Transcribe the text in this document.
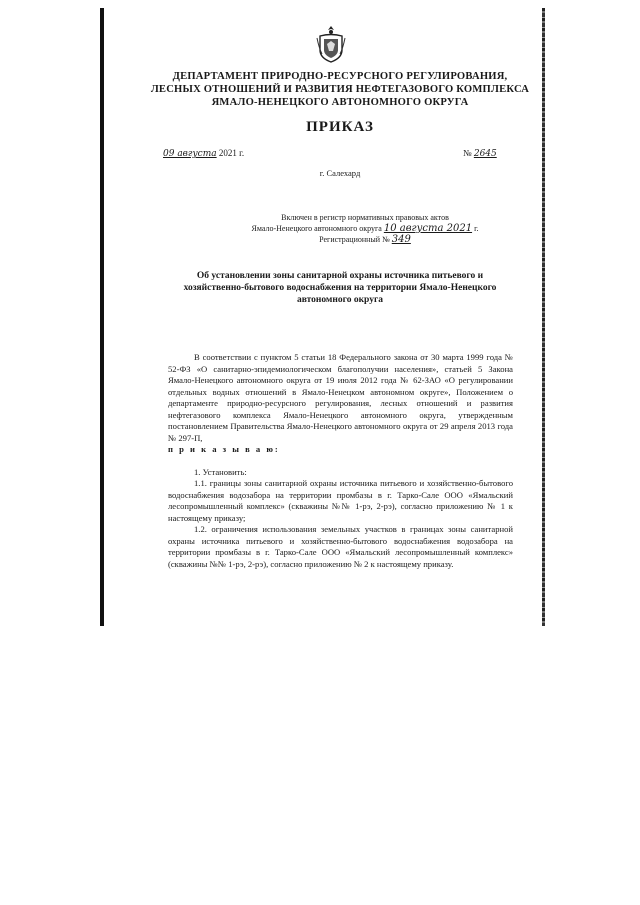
ДЕПАРТАМЕНТ ПРИРОДНО-РЕСУРСНОГО РЕГУЛИРОВАНИЯ,
ЛЕСНЫХ ОТНОШЕНИЙ И РАЗВИТИЯ НЕФТЕГАЗОВОГО КОМПЛЕКСА
ЯМАЛО-НЕНЕЦКОГО АВТОНОМНОГО ОКРУГА
ПРИКАЗ
09 августа 2021 г.	№ 2645
г. Салехард
Включен в регистр нормативных правовых актов
Ямало-Ненецкого автономного округа 10 августа 2021 г.
Регистрационный № 349
Об установлении зоны санитарной охраны источника питьевого и хозяйственно-бытового водоснабжения на территории Ямало-Ненецкого автономного округа

В соответствии с пунктом 5 статьи 18 Федерального закона от 30 марта 1999 года № 52-ФЗ «О санитарно-эпидемиологическом благополучии населения», статьей 5 Закона Ямало-Ненецкого автономного округа от 19 июля 2012 года № 62-ЗАО «О регулировании отдельных водных отношений в Ямало-Ненецком автономном округе», Положением о департаменте природно-ресурсного регулирования, лесных отношений и развития нефтегазового комплекса Ямало-Ненецкого автономного округа, утвержденным постановлением Правительства Ямало-Ненецкого автономного округа от 29 апреля 2013 года № 297-П,

п р и к а з ы в а ю:

1. Установить:

1.1. границы зоны санитарной охраны источника питьевого и хозяйственно-бытового водоснабжения водозабора на территории промбазы в г. Тарко-Сале ООО «Ямальский лесопромышленный комплекс» (скважины №№ 1-рэ, 2-рэ), согласно приложению № 1 к настоящему приказу;

1.2. ограничения использования земельных участков в границах зоны санитарной охраны источника питьевого и хозяйственно-бытового водоснабжения водозабора на территории промбазы в г. Тарко-Сале ООО «Ямальский лесопромышленный комплекс» (скважины №№ 1-рэ, 2-рэ), согласно приложению № 2 к настоящему приказу.
